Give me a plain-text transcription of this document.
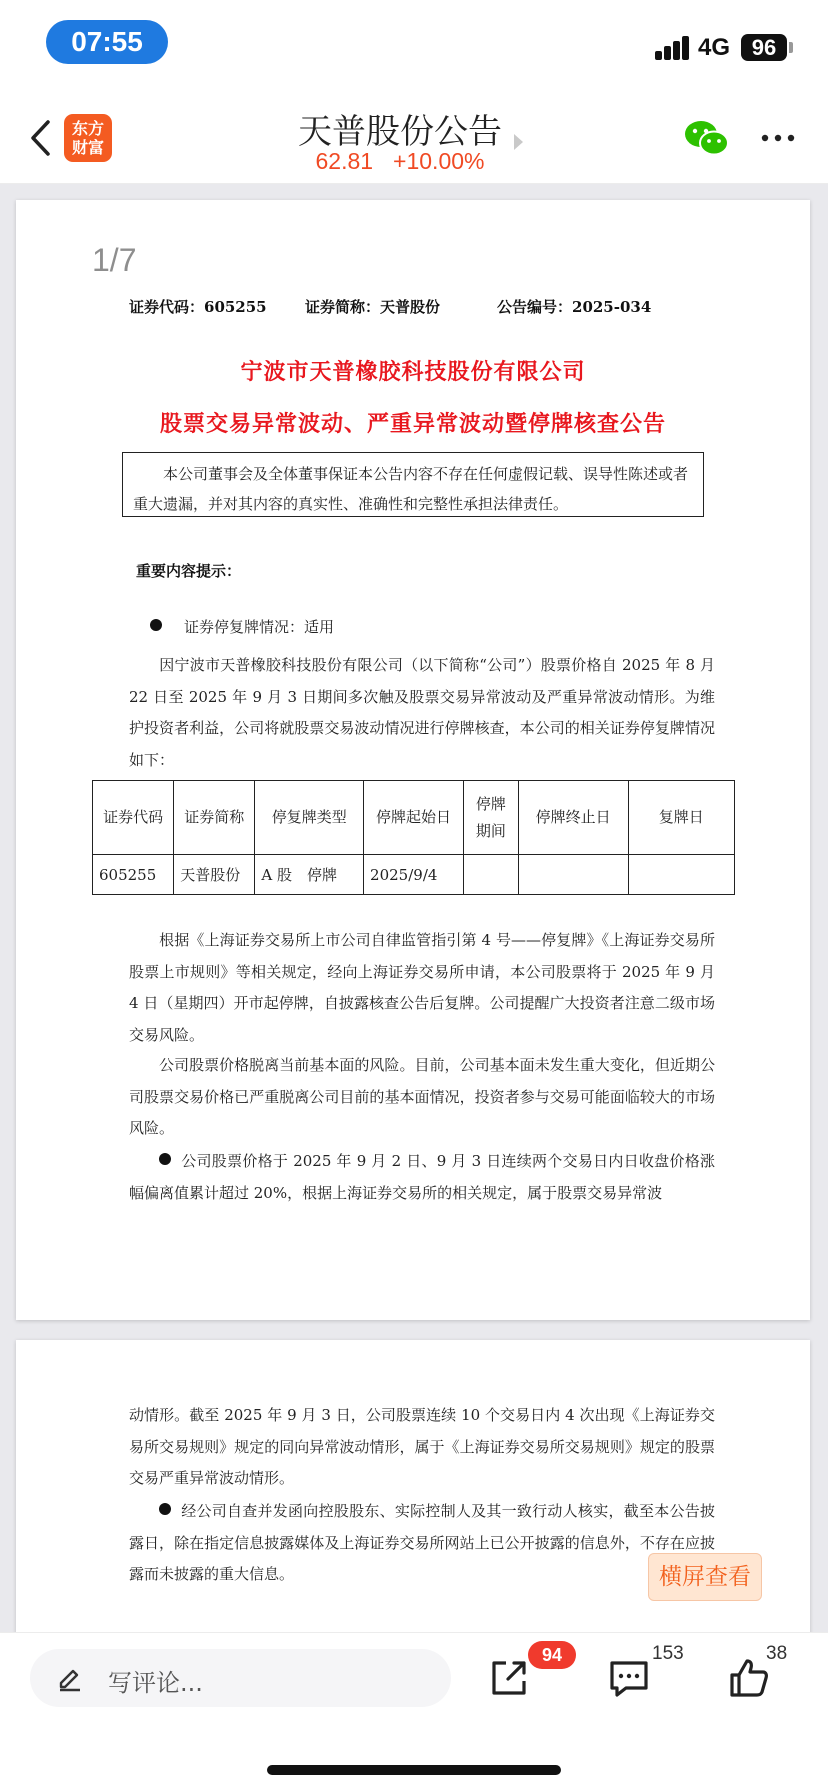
07:55	4G 96
东方
财富	天普股份公告
62.81 +10.00%
1/7
证券代码：605255	证券简称：天普股份	公告编号：2025-034
宁波市天普橡胶科技股份有限公司
股票交易异常波动、严重异常波动暨停牌核查公告
本公司董事会及全体董事保证本公告内容不存在任何虚假记载、误导性陈述或者重大遗漏，并对其内容的真实性、准确性和完整性承担法律责任。
重要内容提示：
证券停复牌情况：适用
因宁波市天普橡胶科技股份有限公司（以下简称“公司”）股票价格自 2025 年 8 月 22 日至 2025 年 9 月 3 日期间多次触及股票交易异常波动及严重异常波动情形。为维护投资者利益，公司将就股票交易波动情况进行停牌核查，本公司的相关证券停复牌情况如下：
证券代码	证券简称	停复牌类型	停牌起始日	停牌期间	停牌终止日	复牌日
605255	天普股份	A 股　停牌	2025/9/4			
根据《上海证券交易所上市公司自律监管指引第 4 号——停复牌》《上海证券交易所股票上市规则》等相关规定，经向上海证券交易所申请，本公司股票将于 2025 年 9 月 4 日（星期四）开市起停牌，自披露核查公告后复牌。公司提醒广大投资者注意二级市场交易风险。
公司股票价格脱离当前基本面的风险。目前，公司基本面未发生重大变化，但近期公司股票交易价格已严重脱离公司目前的基本面情况，投资者参与交易可能面临较大的市场风险。
公司股票价格于 2025 年 9 月 2 日、9 月 3 日连续两个交易日内日收盘价格涨幅偏离值累计超过 20%，根据上海证券交易所的相关规定，属于股票交易异常波
动情形。截至 2025 年 9 月 3 日，公司股票连续 10 个交易日内 4 次出现《上海证券交易所交易规则》规定的同向异常波动情形，属于《上海证券交易所交易规则》规定的股票交易严重异常波动情形。
经公司自查并发函向控股股东、实际控制人及其一致行动人核实，截至本公告披露日，除在指定信息披露媒体及上海证券交易所网站上已公开披露的信息外，不存在应披露而未披露的重大信息。	横屏查看
写评论...
94	153	38
